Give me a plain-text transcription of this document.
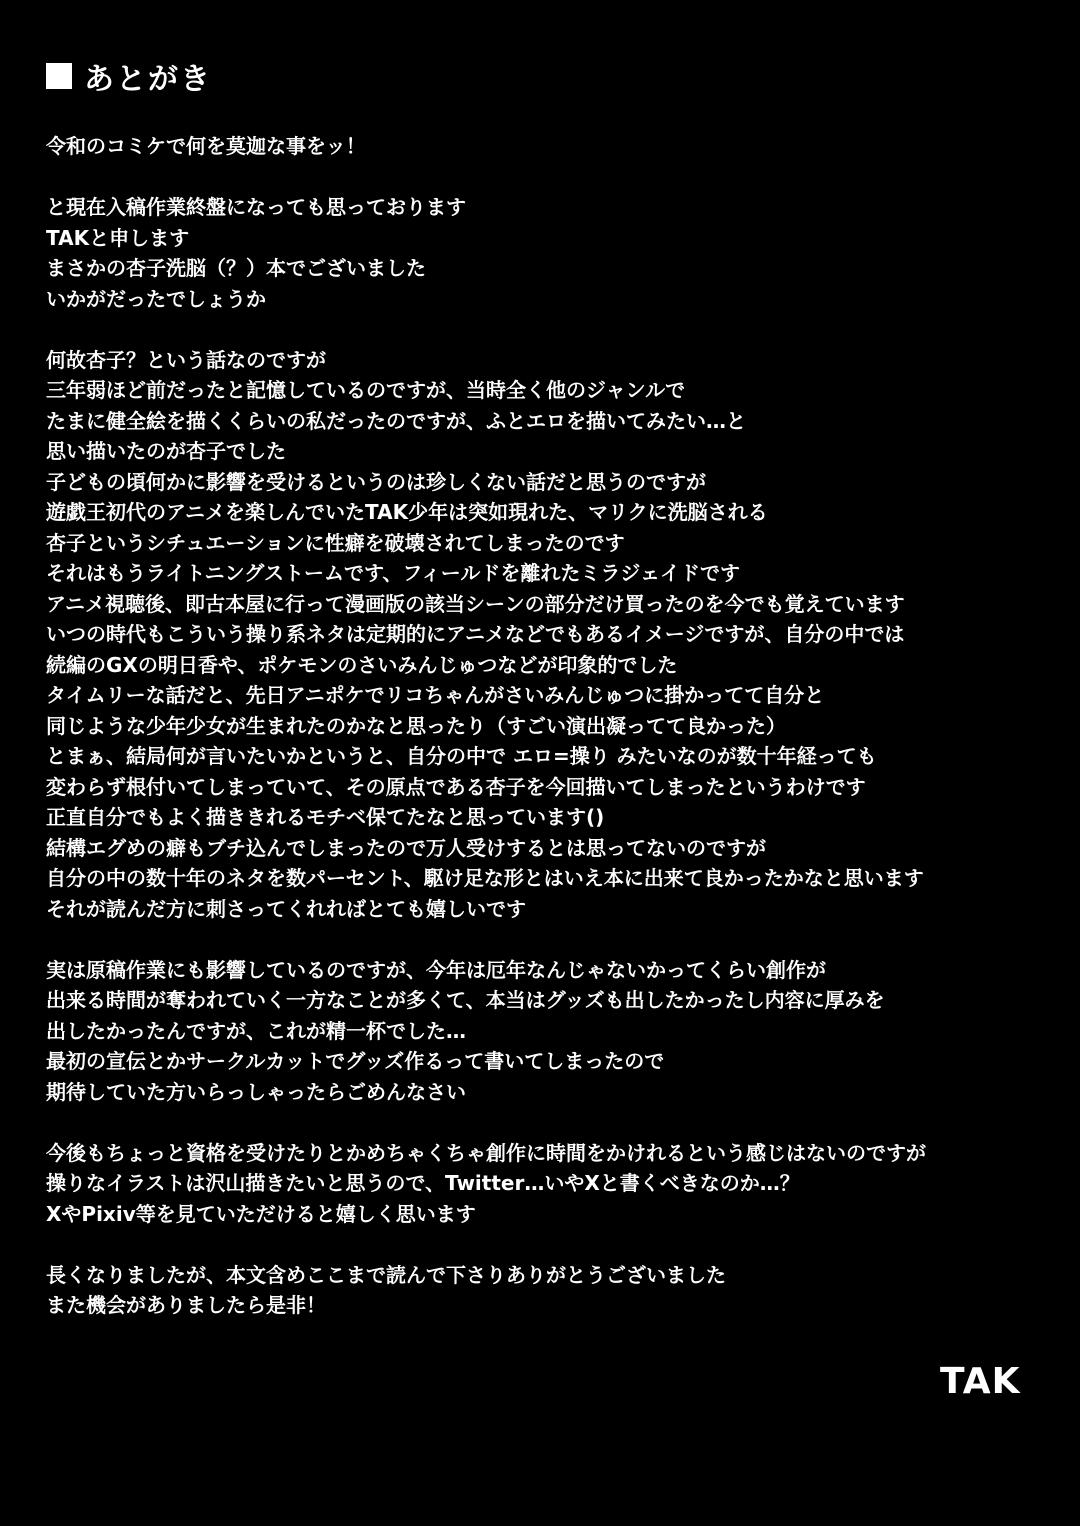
あとがき
令和のコミケで何を莫迦な事をッ！
と現在入稿作業終盤になっても思っております
TAKと申します
まさかの杏子洗脳（？）本でございました
いかがだったでしょうか
何故杏子？という話なのですが
三年弱ほど前だったと記憶しているのですが、当時全く他のジャンルで
たまに健全絵を描くくらいの私だったのですが、ふとエロを描いてみたい…と
思い描いたのが杏子でした
子どもの頃何かに影響を受けるというのは珍しくない話だと思うのですが
遊戯王初代のアニメを楽しんでいたTAK少年は突如現れた、マリクに洗脳される
杏子というシチュエーションに性癖を破壊されてしまったのです
それはもうライトニングストームです、フィールドを離れたミラジェイドです
アニメ視聴後、即古本屋に行って漫画版の該当シーンの部分だけ買ったのを今でも覚えています
いつの時代もこういう操り系ネタは定期的にアニメなどでもあるイメージですが、自分の中では
続編のGXの明日香や、ポケモンのさいみんじゅつなどが印象的でした
タイムリーな話だと、先日アニポケでリコちゃんがさいみんじゅつに掛かってて自分と
同じような少年少女が生まれたのかなと思ったり（すごい演出凝ってて良かった）
とまぁ、結局何が言いたいかというと、自分の中で エロ=操り みたいなのが数十年経っても
変わらず根付いてしまっていて、その原点である杏子を今回描いてしまったというわけです
正直自分でもよく描ききれるモチベ保てたなと思っています()
結構エグめの癖もブチ込んでしまったので万人受けするとは思ってないのですが
自分の中の数十年のネタを数パーセント、駆け足な形とはいえ本に出来て良かったかなと思います
それが読んだ方に刺さってくれればとても嬉しいです
実は原稿作業にも影響しているのですが、今年は厄年なんじゃないかってくらい創作が
出来る時間が奪われていく一方なことが多くて、本当はグッズも出したかったし内容に厚みを
出したかったんですが、これが精一杯でした…
最初の宣伝とかサークルカットでグッズ作るって書いてしまったので
期待していた方いらっしゃったらごめんなさい
今後もちょっと資格を受けたりとかめちゃくちゃ創作に時間をかけれるという感じはないのですが
操りなイラストは沢山描きたいと思うので、Twitter…いやXと書くべきなのか…？
XやPixiv等を見ていただけると嬉しく思います
長くなりましたが、本文含めここまで読んで下さりありがとうございました
また機会がありましたら是非！
TAK
